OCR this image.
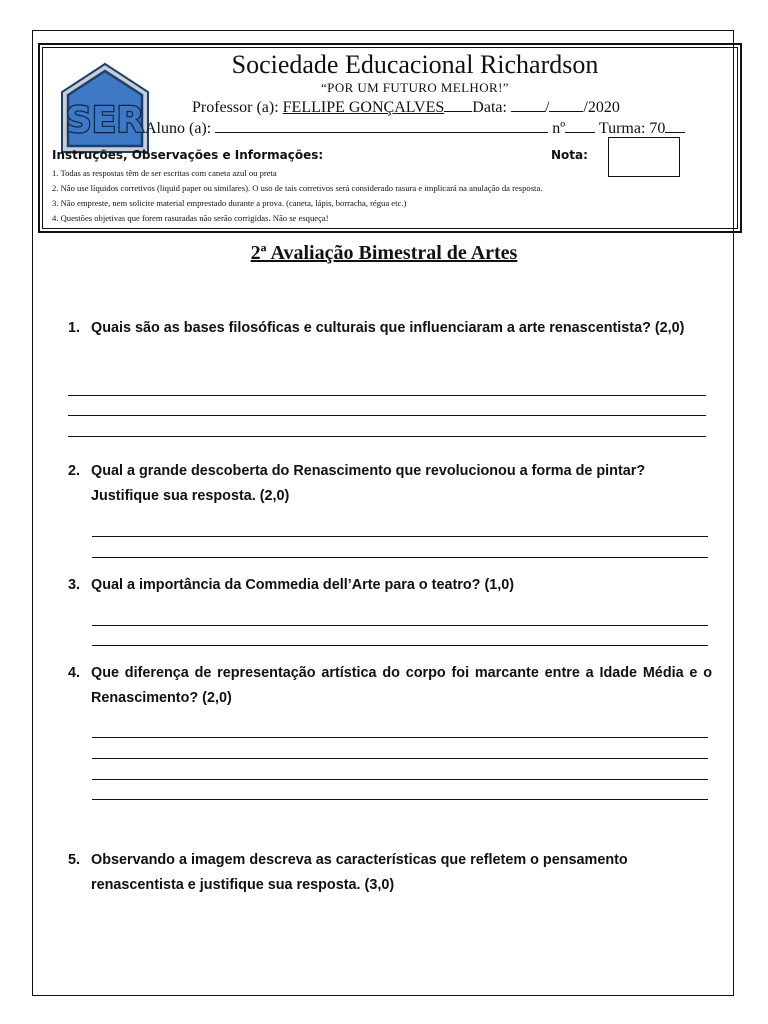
SER
Sociedade Educacional Richardson
“POR UM FUTURO MELHOR!”
Professor (a): FELLIPE GONÇALVES Data: / /2020
Aluno (a):	nº Turma: 70
Instruções, Observações e Informações:	Nota:
1. Todas as respostas têm de ser escritas com caneta azul ou preta
2. Não use líquidos corretivos (liquid paper ou similares). O uso de tais corretivos será considerado rasura e implicará na anulação da resposta.
3. Não empreste, nem solicite material emprestado durante a prova. (caneta, lápis, borracha, régua etc.)
4. Questões objetivas que forem rasuradas não serão corrigidas. Não se esqueça!
2ª Avaliação Bimestral de Artes
1. Quais são as bases filosóficas e culturais que influenciaram a arte renascentista? (2,0)
2. Qual a grande descoberta do Renascimento que revolucionou a forma de pintar? Justifique sua resposta. (2,0)
3. Qual a importância da Commedia dell’Arte para o teatro? (1,0)
4. Que diferença de representação artística do corpo foi marcante entre a Idade Média e o Renascimento? (2,0)
5. Observando a imagem descreva as características que refletem o pensamento renascentista e justifique sua resposta. (3,0)
